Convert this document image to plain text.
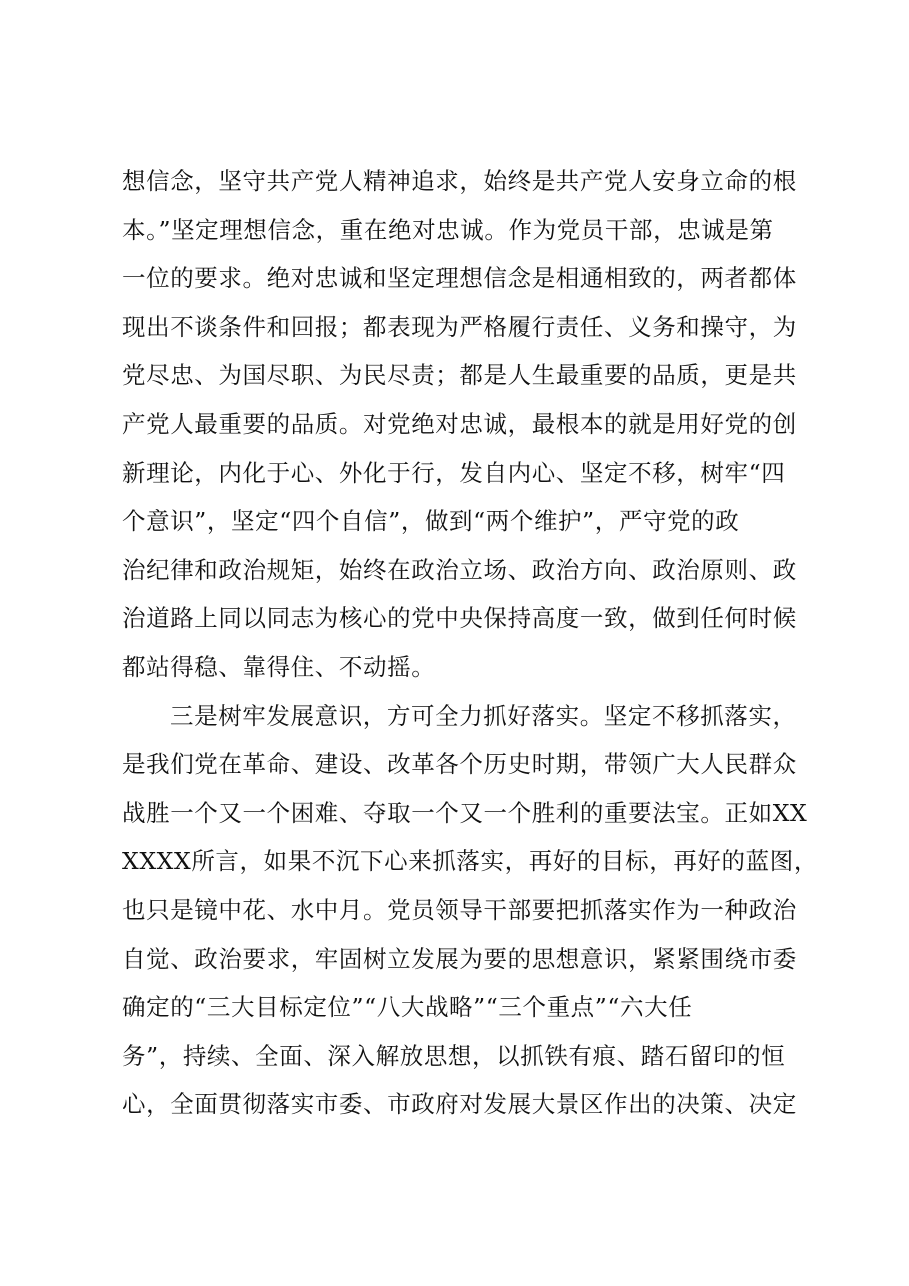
想信念，坚守共产党人精神追求，始终是共产党人安身立命的根
本。”坚定理想信念，重在绝对忠诚。作为党员干部，忠诚是第
一位的要求。绝对忠诚和坚定理想信念是相通相致的，两者都体
现出不谈条件和回报；都表现为严格履行责任、义务和操守，为
党尽忠、为国尽职、为民尽责；都是人生最重要的品质，更是共
产党人最重要的品质。对党绝对忠诚，最根本的就是用好党的创
新理论，内化于心、外化于行，发自内心、坚定不移，树牢“四
个意识”，坚定“四个自信”，做到“两个维护”，严守党的政
治纪律和政治规矩，始终在政治立场、政治方向、政治原则、政
治道路上同以同志为核心的党中央保持高度一致，做到任何时候
都站得稳、靠得住、不动摇。
三是树牢发展意识，方可全力抓好落实。坚定不移抓落实，
是我们党在革命、建设、改革各个历史时期，带领广大人民群众
战胜一个又一个困难、夺取一个又一个胜利的重要法宝。正如XX
XXXX所言，如果不沉下心来抓落实，再好的目标，再好的蓝图，
也只是镜中花、水中月。党员领导干部要把抓落实作为一种政治
自觉、政治要求，牢固树立发展为要的思想意识，紧紧围绕市委
确定的“三大目标定位”“八大战略”“三个重点”“六大任
务”，持续、全面、深入解放思想，以抓铁有痕、踏石留印的恒
心，全面贯彻落实市委、市政府对发展大景区作出的决策、决定
